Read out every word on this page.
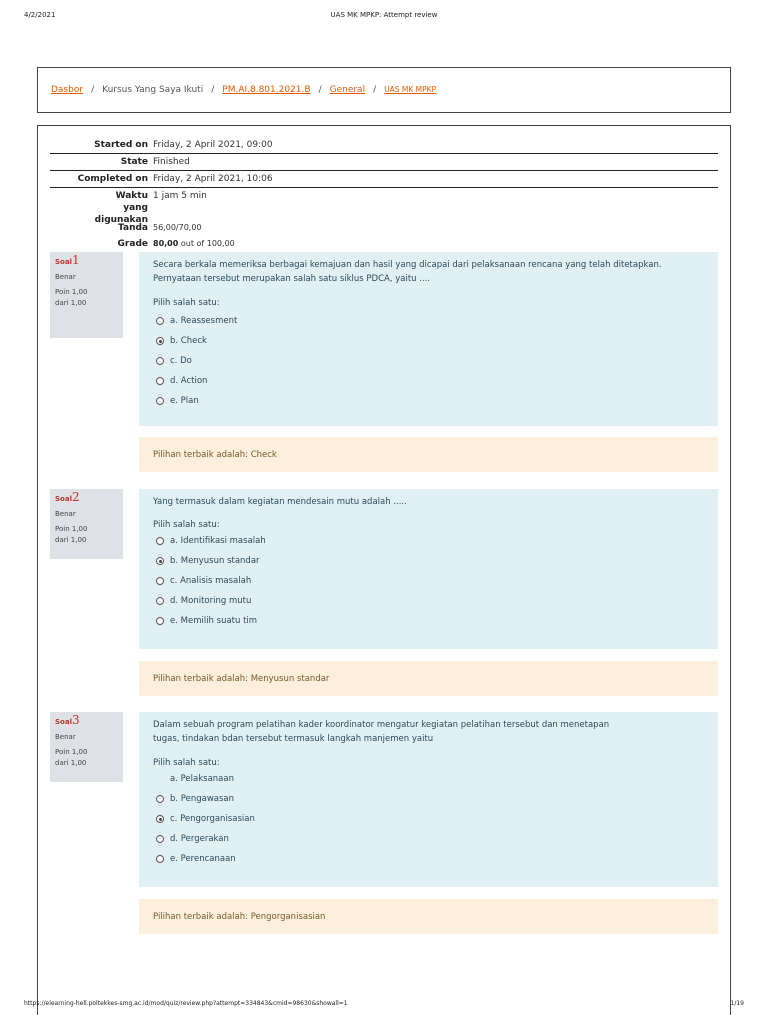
4/2/2021	UAS MK MPKP: Attempt review
Dasbor / Kursus Yang Saya Ikuti / PM.AI.8.801.2021.B / General / UAS MK MPKP
Started on Friday, 2 April 2021, 09:00
State Finished
Completed on Friday, 2 April 2021, 10:06
Waktu yang digunakan
1 jam 5 min
Tanda 56,00/70,00
Grade 80,00 out of 100,00
Soal1
Benar
Poin 1,00
dari 1,00
Secara berkala memeriksa berbagai kemajuan dan hasil yang dicapai dari pelaksanaan rencana yang telah ditetapkan.
Pernyataan tersebut merupakan salah satu siklus PDCA, yaitu ....
Pilih salah satu:
a. Reassesment
b. Check
c. Do
d. Action
e. Plan
Pilihan terbaik adalah: Check
Soal2
Benar
Poin 1,00
dari 1,00
Yang termasuk dalam kegiatan mendesain mutu adalah .....
Pilih salah satu:
a. Identifikasi masalah
b. Menyusun standar
c. Analisis masalah
d. Monitoring mutu
e. Memilih suatu tim
Pilihan terbaik adalah: Menyusun standar
Soal3
Benar
Poin 1,00
dari 1,00
Dalam sebuah program pelatihan kader koordinator mengatur kegiatan pelatihan tersebut dan menetapan
tugas, tindakan bdan tersebut termasuk langkah manjemen yaitu
Pilih salah satu:
a. Pelaksanaan
b. Pengawasan
c. Pengorganisasian
d. Pergerakan
e. Perencanaan
Pilihan terbaik adalah: Pengorganisasian
https://elearning-hell.poltekkes-smg.ac.id/mod/quiz/review.php?attempt=334843&cmid=98630&showall=1	1/19
